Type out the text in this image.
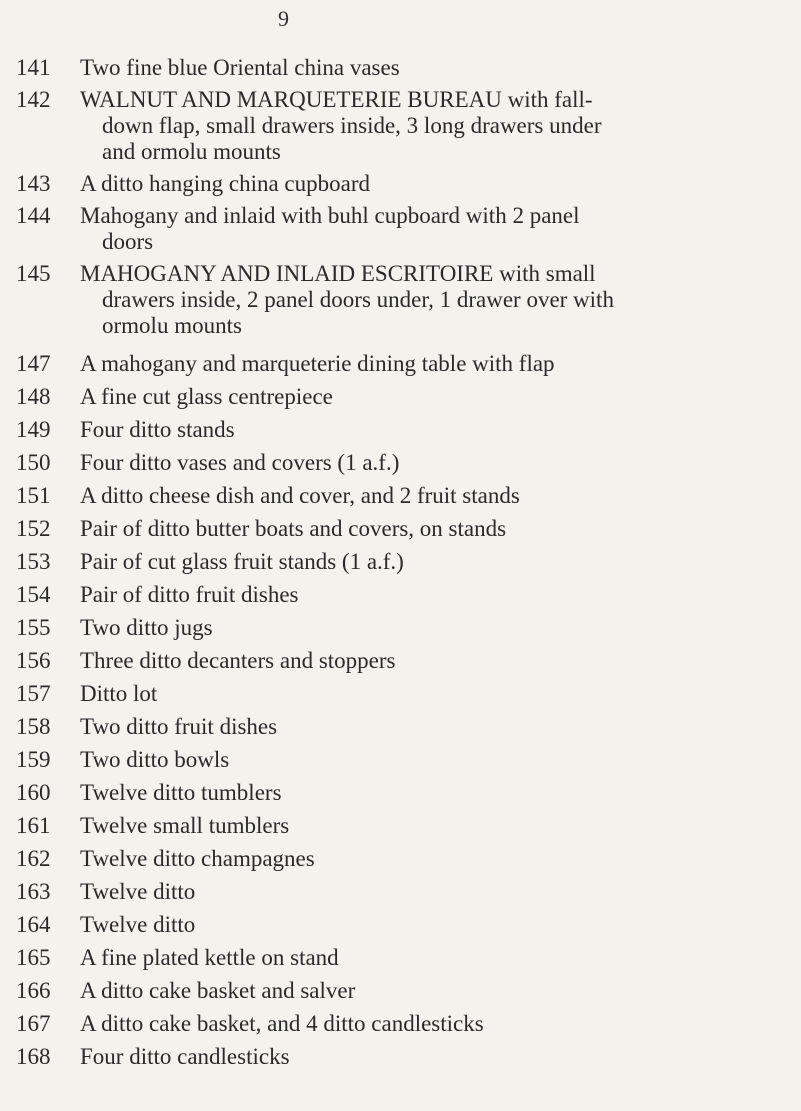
9
141	Two fine blue Oriental china vases
142	WALNUT AND MARQUETERIE BUREAU with fall-
down flap, small drawers inside, 3 long drawers under
and ormolu mounts
143	A ditto hanging china cupboard
144	Mahogany and inlaid with buhl cupboard with 2 panel
doors
145	MAHOGANY AND INLAID ESCRITOIRE with small
drawers inside, 2 panel doors under, 1 drawer over with
ormolu mounts
147	A mahogany and marqueterie dining table with flap
148	A fine cut glass centrepiece
149	Four ditto stands
150	Four ditto vases and covers (1 a.f.)
151	A ditto cheese dish and cover, and 2 fruit stands
152	Pair of ditto butter boats and covers, on stands
153	Pair of cut glass fruit stands (1 a.f.)
154	Pair of ditto fruit dishes
155	Two ditto jugs
156	Three ditto decanters and stoppers
157	Ditto lot
158	Two ditto fruit dishes
159	Two ditto bowls
160	Twelve ditto tumblers
161	Twelve small tumblers
162	Twelve ditto champagnes
163	Twelve ditto
164	Twelve ditto
165	A fine plated kettle on stand
166	A ditto cake basket and salver
167	A ditto cake basket, and 4 ditto candlesticks
168	Four ditto candlesticks
